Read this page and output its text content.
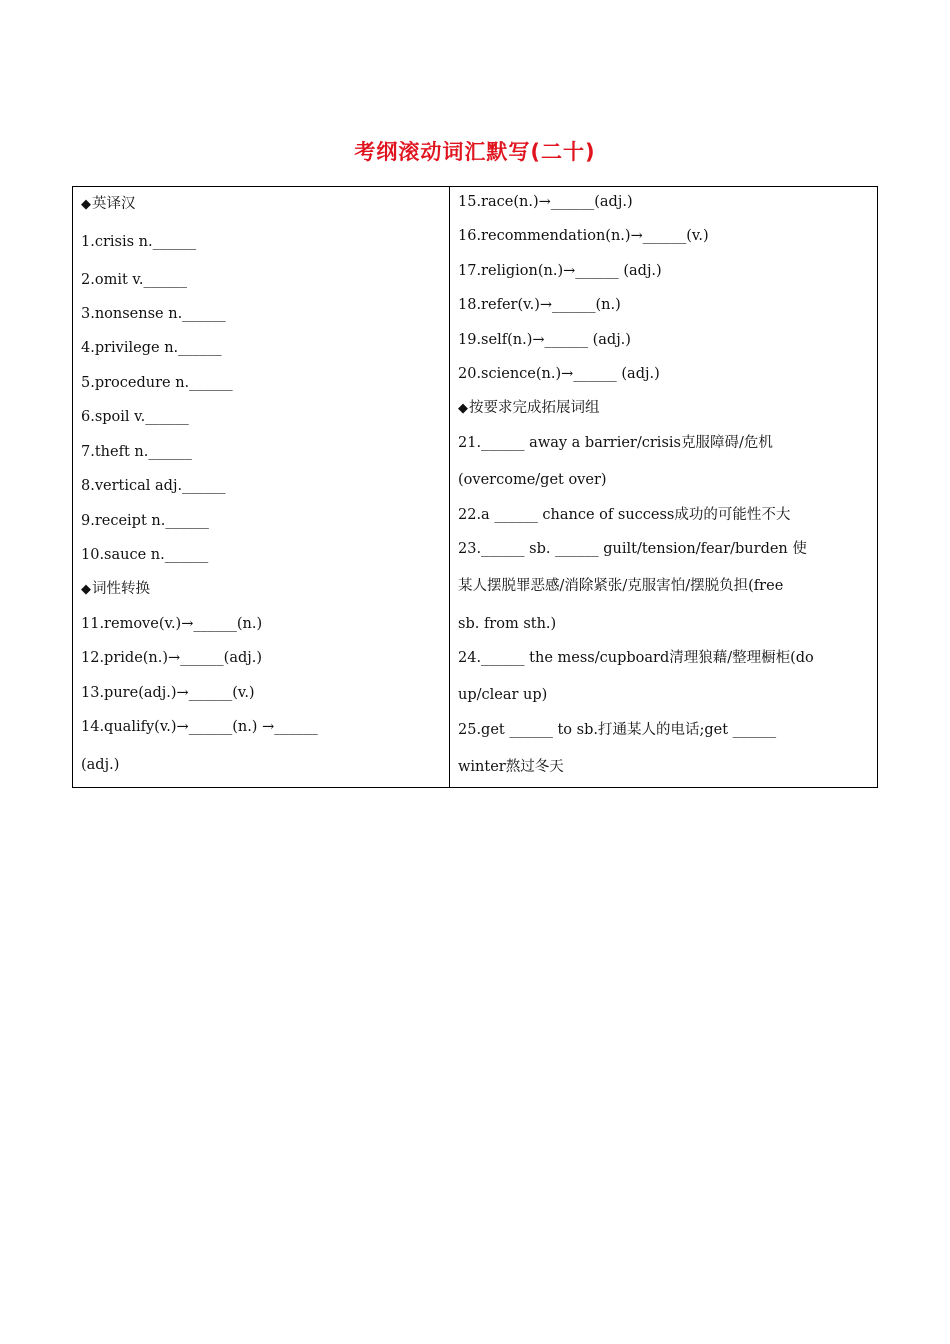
考纲滚动词汇默写(二十)
◆英译汉
1.crisis n.______
2.omit v.______
3.nonsense n.______
4.privilege n.______
5.procedure n.______
6.spoil v.______
7.theft n.______
8.vertical adj.______
9.receipt n.______
10.sauce n.______
◆词性转换
11.remove(v.)→______(n.)
12.pride(n.)→______(adj.)
13.pure(adj.)→______(v.)
14.qualify(v.)→______(n.) →______
(adj.)
15.race(n.)→______(adj.)
16.recommendation(n.)→______(v.)
17.religion(n.)→______ (adj.)
18.refer(v.)→______(n.)
19.self(n.)→______ (adj.)
20.science(n.)→______ (adj.)
◆按要求完成拓展词组
21.______ away a barrier/crisis克服障碍/危机
(overcome/get over)
22.a ______ chance of success成功的可能性不大
23.______ sb. ______ guilt/tension/fear/burden 使
某人摆脱罪恶感/消除紧张/克服害怕/摆脱负担(free
sb. from sth.)
24.______ the mess/cupboard清理狼藉/整理橱柜(do
up/clear up)
25.get ______ to sb.打通某人的电话;get ______
winter熬过冬天
